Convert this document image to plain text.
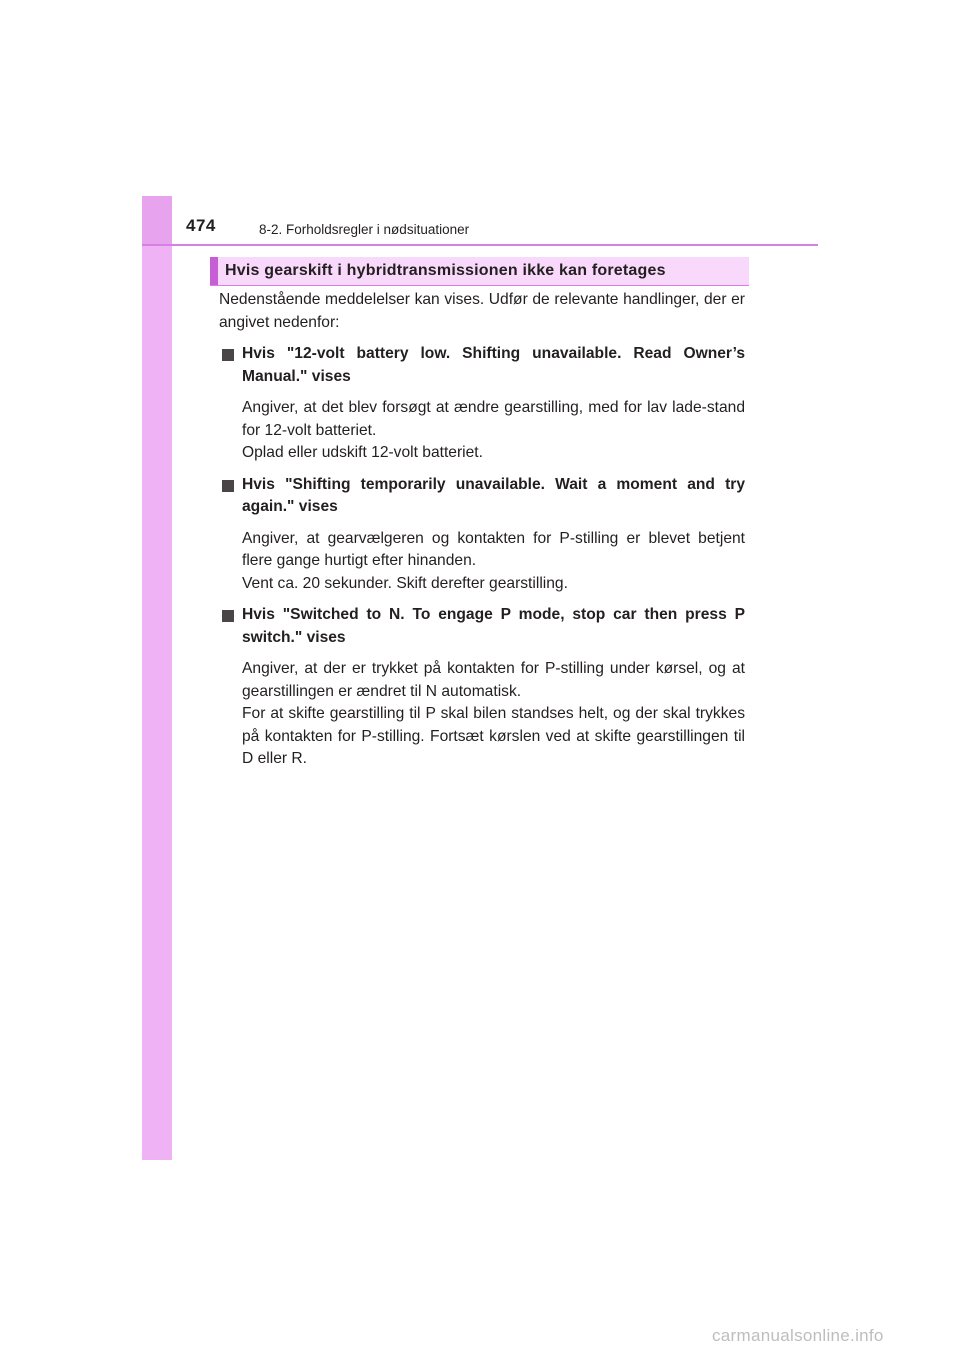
474	8-2. Forholdsregler i nødsituationer
Hvis gearskift i hybridtransmissionen ikke kan foretages

Nedenstående meddelelser kan vises. Udfør de relevante handlinger, der er angivet nedenfor:

Hvis "12-volt battery low. Shifting unavailable. Read Owner’s Manual." vises

Angiver, at det blev forsøgt at ændre gearstilling, med for lav lade-stand for 12-volt batteriet.

Oplad eller udskift 12-volt batteriet.

Hvis "Shifting temporarily unavailable. Wait a moment and try again." vises

Angiver, at gearvælgeren og kontakten for P-stilling er blevet betjent flere gange hurtigt efter hinanden.

Vent ca. 20 sekunder. Skift derefter gearstilling.

Hvis "Switched to N. To engage P mode, stop car then press P switch." vises

Angiver, at der er trykket på kontakten for P-stilling under kørsel, og at gearstillingen er ændret til N automatisk.

For at skifte gearstilling til P skal bilen standses helt, og der skal trykkes på kontakten for P-stilling. Fortsæt kørslen ved at skifte gearstillingen til D eller R.

carmanualsonline.info
